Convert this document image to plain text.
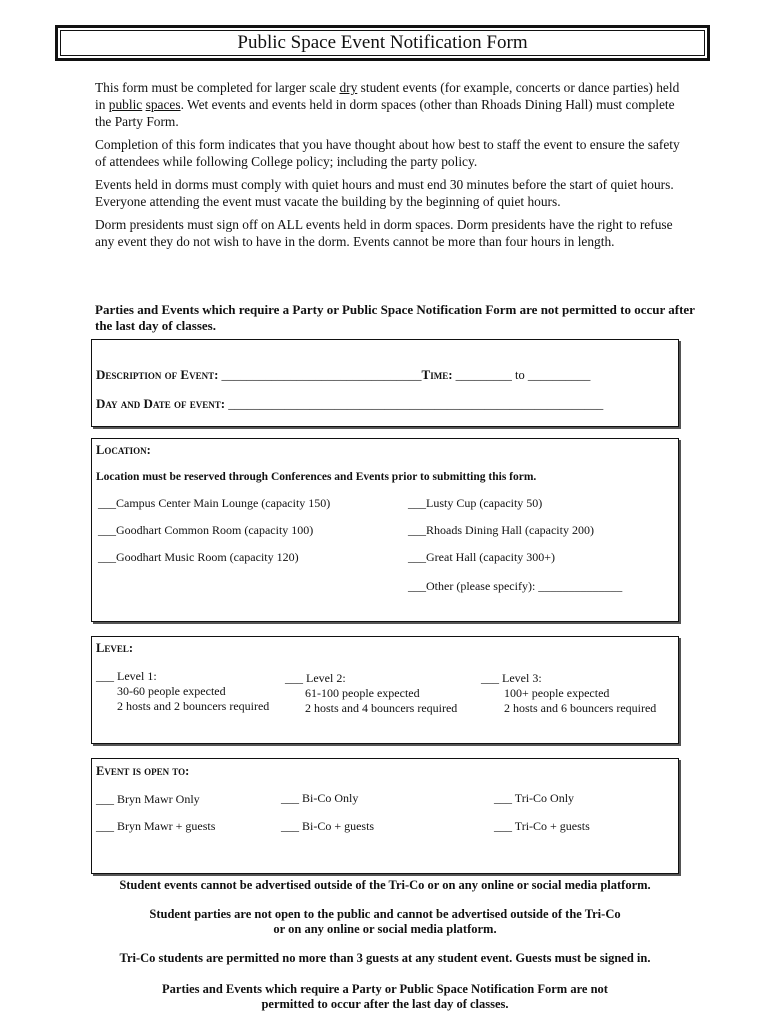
Public Space Event Notification Form

This form must be completed for larger scale dry student events (for example, concerts or dance parties) held in public spaces. Wet events and events held in dorm spaces (other than Rhoads Dining Hall) must complete the Party Form.

Completion of this form indicates that you have thought about how best to staff the event to ensure the safety of attendees while following College policy; including the party policy.

Events held in dorms must comply with quiet hours and must end 30 minutes before the start of quiet hours. Everyone attending the event must vacate the building by the beginning of quiet hours.

Dorm presidents must sign off on ALL events held in dorm spaces. Dorm presidents have the right to refuse any event they do not wish to have in the dorm. Events cannot be more than four hours in length.

Parties and Events which require a Party or Public Space Notification Form are not permitted to occur after the last day of classes.
Description of Event: ________________________________Time: _________ to __________
Day and Date of event: ____________________________________________________________
Location:
Location must be reserved through Conferences and Events prior to submitting this form.
___Campus Center Main Lounge (capacity 150)
___Goodhart Common Room (capacity 100)
___Goodhart Music Room (capacity 120)
___Lusty Cup (capacity 50)
___Rhoads Dining Hall (capacity 200)
___Great Hall (capacity 300+)
___Other (please specify): ______________
Level:
___ Level 1:
30-60 people expected
2 hosts and 2 bouncers required
___ Level 2:
61-100 people expected
2 hosts and 4 bouncers required
___ Level 3:
100+ people expected
2 hosts and 6 bouncers required
Event is open to:
___ Bryn Mawr Only	___ Bi-Co Only	___ Tri-Co Only
___ Bryn Mawr + guests	___ Bi-Co + guests	___ Tri-Co + guests
Student events cannot be advertised outside of the Tri-Co or on any online or social media platform.
Student parties are not open to the public and cannot be advertised outside of the Tri-Co
or on any online or social media platform.
Tri-Co students are permitted no more than 3 guests at any student event. Guests must be signed in.
Parties and Events which require a Party or Public Space Notification Form are not
permitted to occur after the last day of classes.
